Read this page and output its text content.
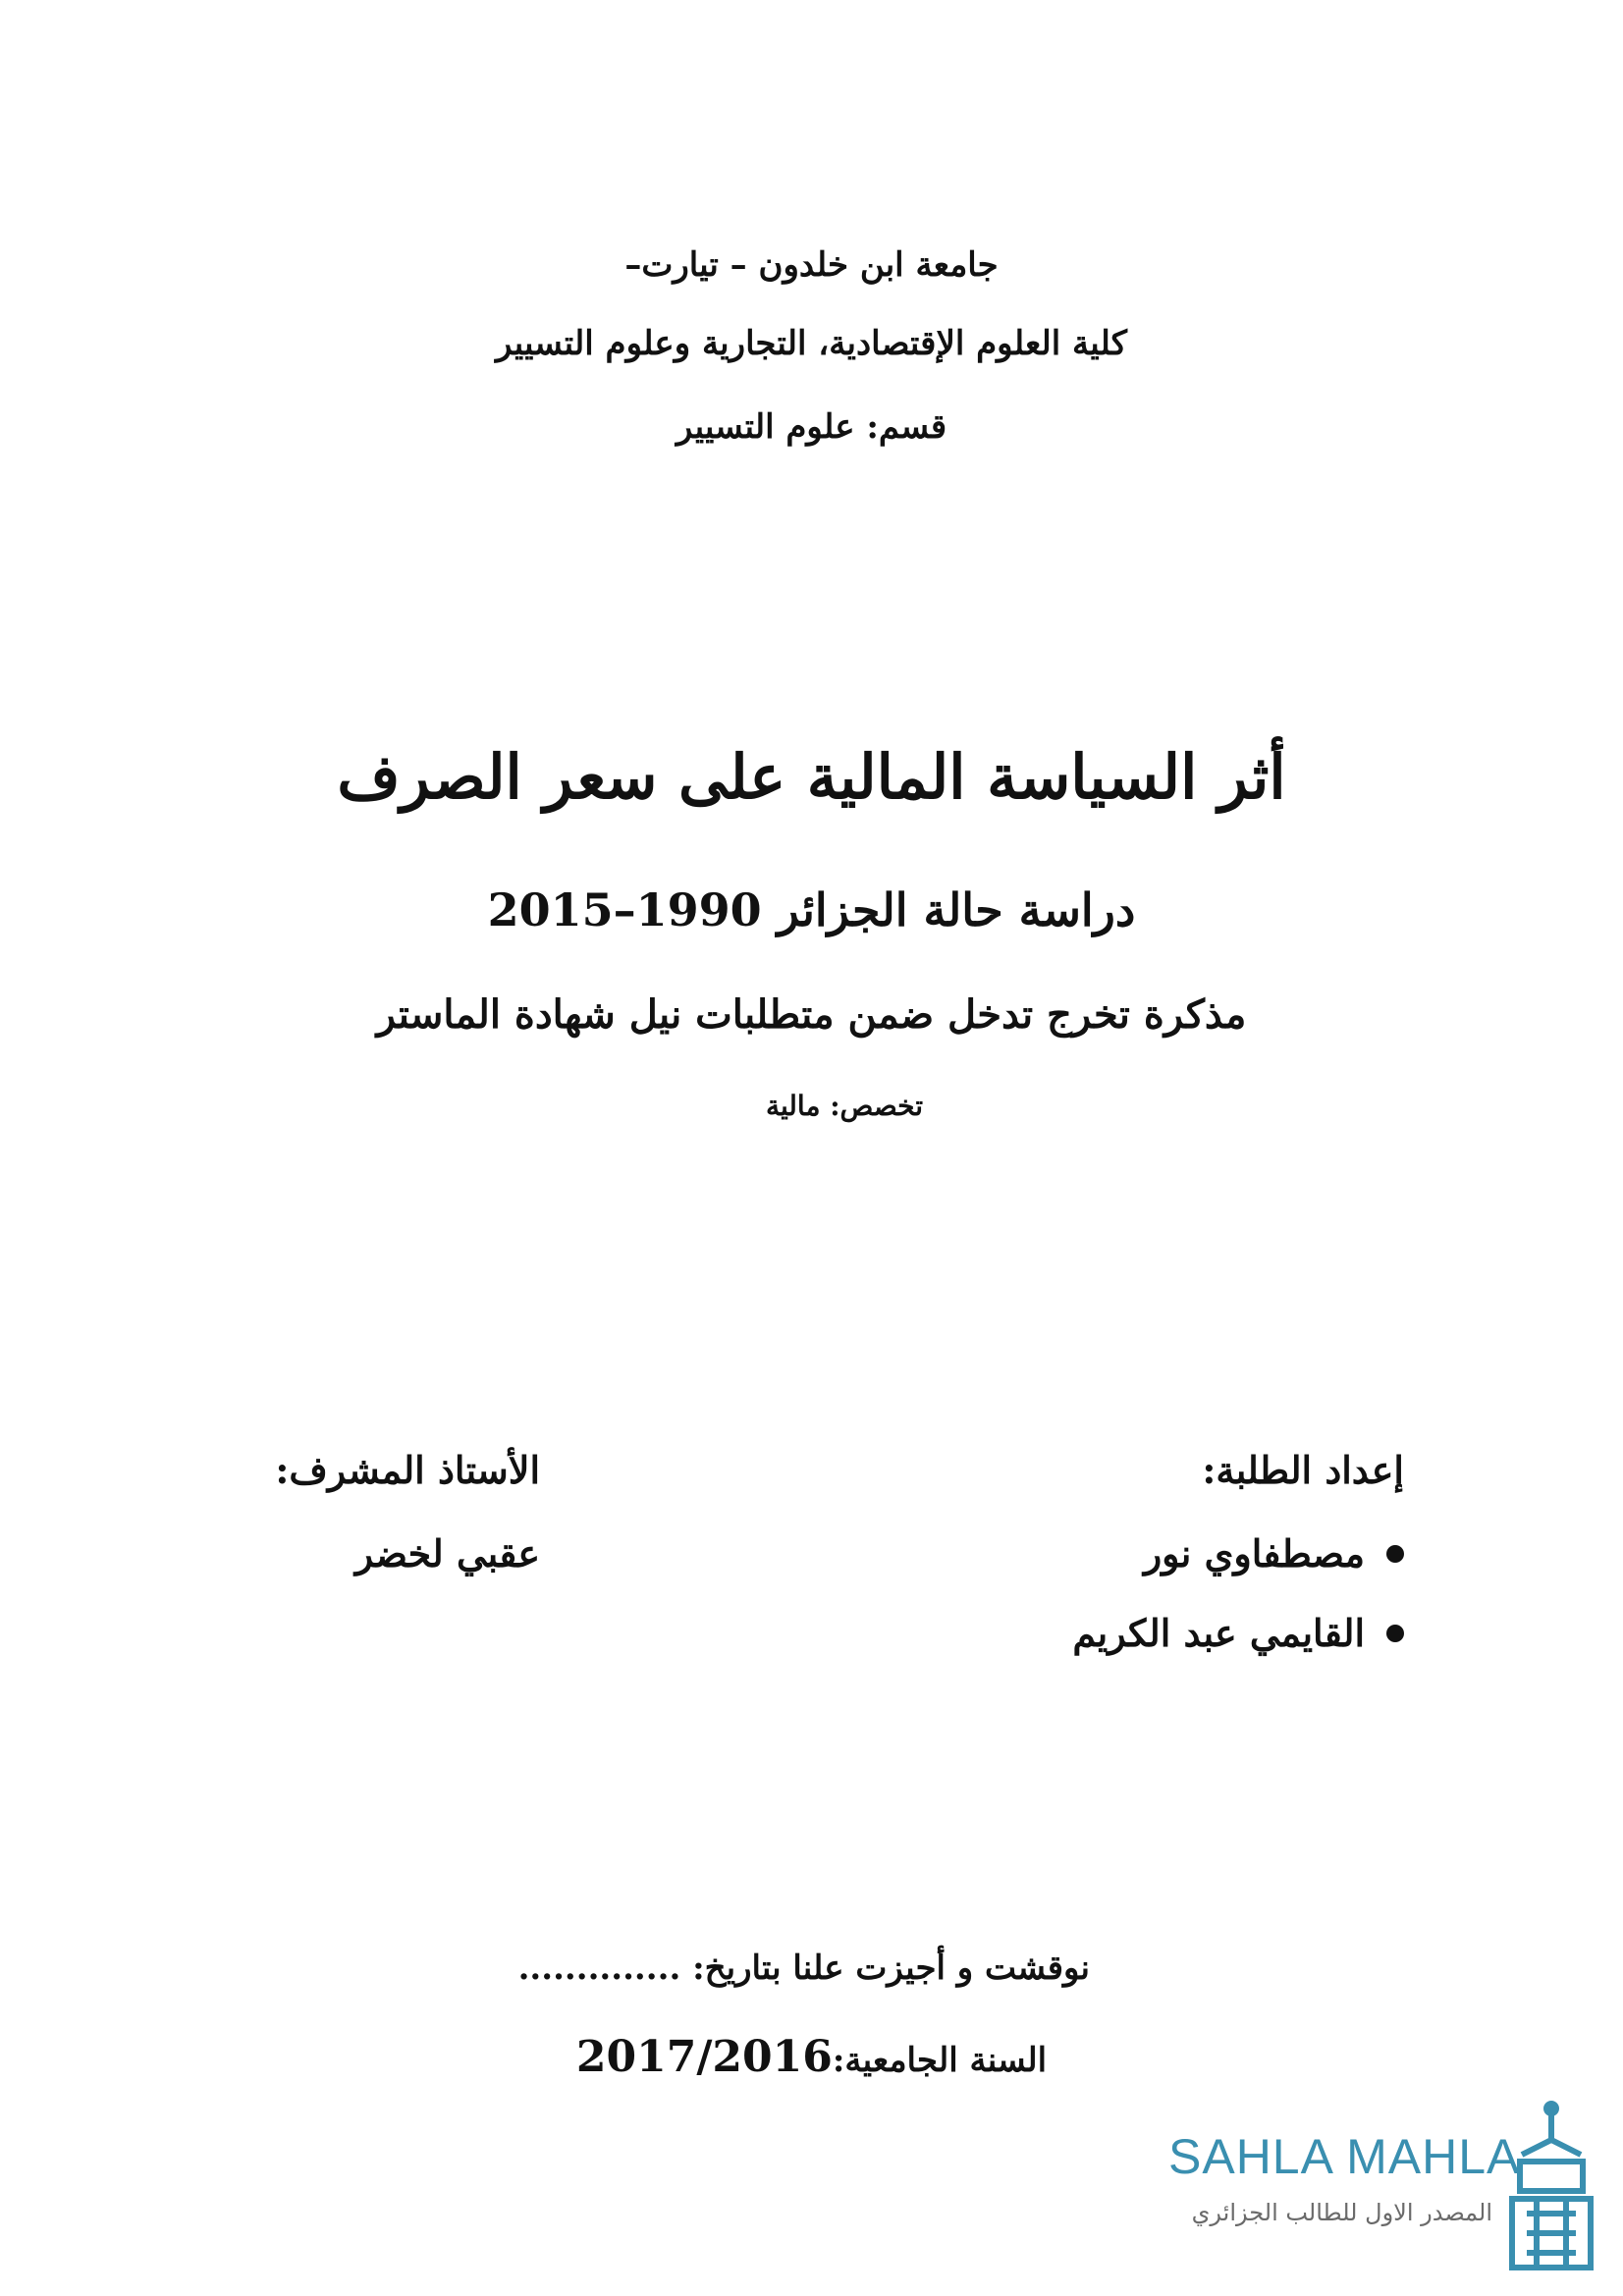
جامعة ابن خلدون – تيارت–
كلية العلوم الإقتصادية، التجارية وعلوم التسيير
قسم: علوم التسيير
أثر السياسة المالية على سعر الصرف
دراسة حالة الجزائر 1990–2015
مذكرة تخرج تدخل ضمن متطلبات نيل شهادة الماستر
تخصص: مالية

إعداد الطلبة:

مصطفاوي نور

القايمي عبد الكريم

الأستاذ المشرف:

عقبي لخضر

نوقشت و أجيزت علنا بتاريخ: ..............
السنة الجامعية:2017/2016
SAHLA MAHLA
المصدر الاول للطالب الجزائري
